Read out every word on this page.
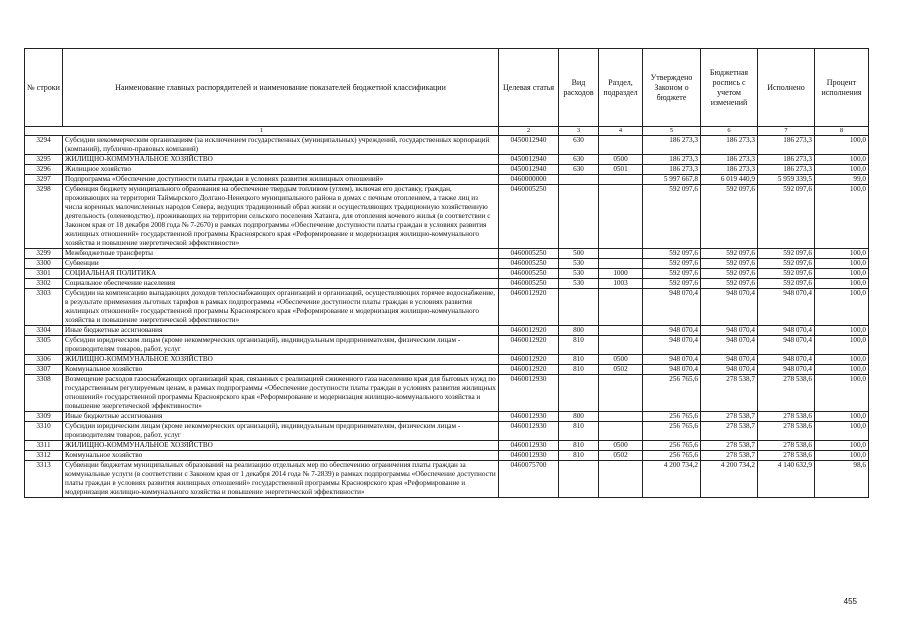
№ строки	Наименование главных распорядителей и наименование показателей бюджетной классификации	Целевая статья	Вид расходов	Раздел, подраздел	Утверждено Законом о бюджете	Бюджетная роспись с учетом изменений	Исполнено	Процент исполнения
1		2	3	4	5	6	7	8
3294	Субсидии некоммерческим организациям (за исключением государственных (муниципальных) учреждений, государственных корпораций (компаний), публично-правовых компаний)	0450012940	630		186 273,3	186 273,3	186 273,3	100,0
3295	ЖИЛИЩНО-КОММУНАЛЬНОЕ ХОЗЯЙСТВО	0450012940	630	0500	186 273,3	186 273,3	186 273,3	100,0
3296	Жилищное хозяйство	0450012940	630	0501	186 273,3	186 273,3	186 273,3	100,0
3297	Подпрограмма «Обеспечение доступности платы граждан в условиях развития жилищных отношений»	0460000000			5 997 667,8	6 019 440,9	5 959 339,5	99,0
3298	Субвенция бюджету муниципального образования на обеспечение твердым топливом (углем), включая его доставку, граждан, проживающих на территории Таймырского Долгано-Ненецкого муниципального района в домах с печным отоплением, а также лиц из числа коренных малочисленных народов Севера, ведущих традиционный образ жизни и осуществляющих традиционную хозяйственную деятельность (оленеводство), проживающих на территории сельского поселения Хатанга, для отопления кочевого жилья (в соответствии с Законом края от 18 декабря 2008 года № 7-2670) в рамках подпрограммы «Обеспечение доступности платы граждан в условиях развития жилищных отношений» государственной программы Красноярского края «Реформирование и модернизация жилищно-коммунального хозяйства и повышение энергетической эффективности»	0460005250			592 097,6	592 097,6	592 097,6	100,0
3299	Межбюджетные трансферты	0460005250	500		592 097,6	592 097,6	592 097,6	100,0
3300	Субвенции	0460005250	530		592 097,6	592 097,6	592 097,6	100,0
3301	СОЦИАЛЬНАЯ ПОЛИТИКА	0460005250	530	1000	592 097,6	592 097,6	592 097,6	100,0
3302	Социальное обеспечение населения	0460005250	530	1003	592 097,6	592 097,6	592 097,6	100,0
3303	Субсидии на компенсацию выпадающих доходов теплоснабжающих организаций и организаций, осуществляющих горячее водоснабжение, в результате применения льготных тарифов в рамках подпрограммы «Обеспечение доступности платы граждан в условиях развития жилищных отношений» государственной программы Красноярского края «Реформирование и модернизация жилищно-коммунального хозяйства и повышение энергетической эффективности»	0460012920			948 070,4	948 070,4	948 070,4	100,0
3304	Иные бюджетные ассигнования	0460012920	800		948 070,4	948 070,4	948 070,4	100,0
3305	Субсидии юридическим лицам (кроме некоммерческих организаций), индивидуальным предпринимателям, физическим лицам - производителям товаров, работ, услуг	0460012920	810		948 070,4	948 070,4	948 070,4	100,0
3306	ЖИЛИЩНО-КОММУНАЛЬНОЕ ХОЗЯЙСТВО	0460012920	810	0500	948 070,4	948 070,4	948 070,4	100,0
3307	Коммунальное хозяйство	0460012920	810	0502	948 070,4	948 070,4	948 070,4	100,0
3308	Возмещение расходов газоснабжающих организаций края, связанных с реализацией сжиженного газа населению края для бытовых нужд по государственным регулируемым ценам, в рамках подпрограммы «Обеспечение доступности платы граждан в условиях развития жилищных отношений» государственной программы Красноярского края «Реформирование и модернизация жилищно-коммунального хозяйства и повышение энергетической эффективности»	0460012930			256 765,6	278 538,7	278 538,6	100,0
3309	Иные бюджетные ассигнования	0460012930	800		256 765,6	278 538,7	278 538,6	100,0
3310	Субсидии юридическим лицам (кроме некоммерческих организаций), индивидуальным предпринимателям, физическим лицам - производителям товаров, работ, услуг	0460012930	810		256 765,6	278 538,7	278 538,6	100,0
3311	ЖИЛИЩНО-КОММУНАЛЬНОЕ ХОЗЯЙСТВО	0460012930	810	0500	256 765,6	278 538,7	278 538,6	100,0
3312	Коммунальное хозяйство	0460012930	810	0502	256 765,6	278 538,7	278 538,6	100,0
3313	Субвенции бюджетам муниципальных образований на реализацию отдельных мер по обеспечению ограничения платы граждан за коммунальные услуги (в соответствии с Законом края от 1 декабря 2014 года № 7-2839) в рамках подпрограммы «Обеспечение доступности платы граждан в условиях развития жилищных отношений» государственной программы Красноярского края «Реформирование и модернизация жилищно-коммунального хозяйства и повышение энергетической эффективности»	0460075700			4 200 734,2	4 200 734,2	4 140 632,9	98,6
455
